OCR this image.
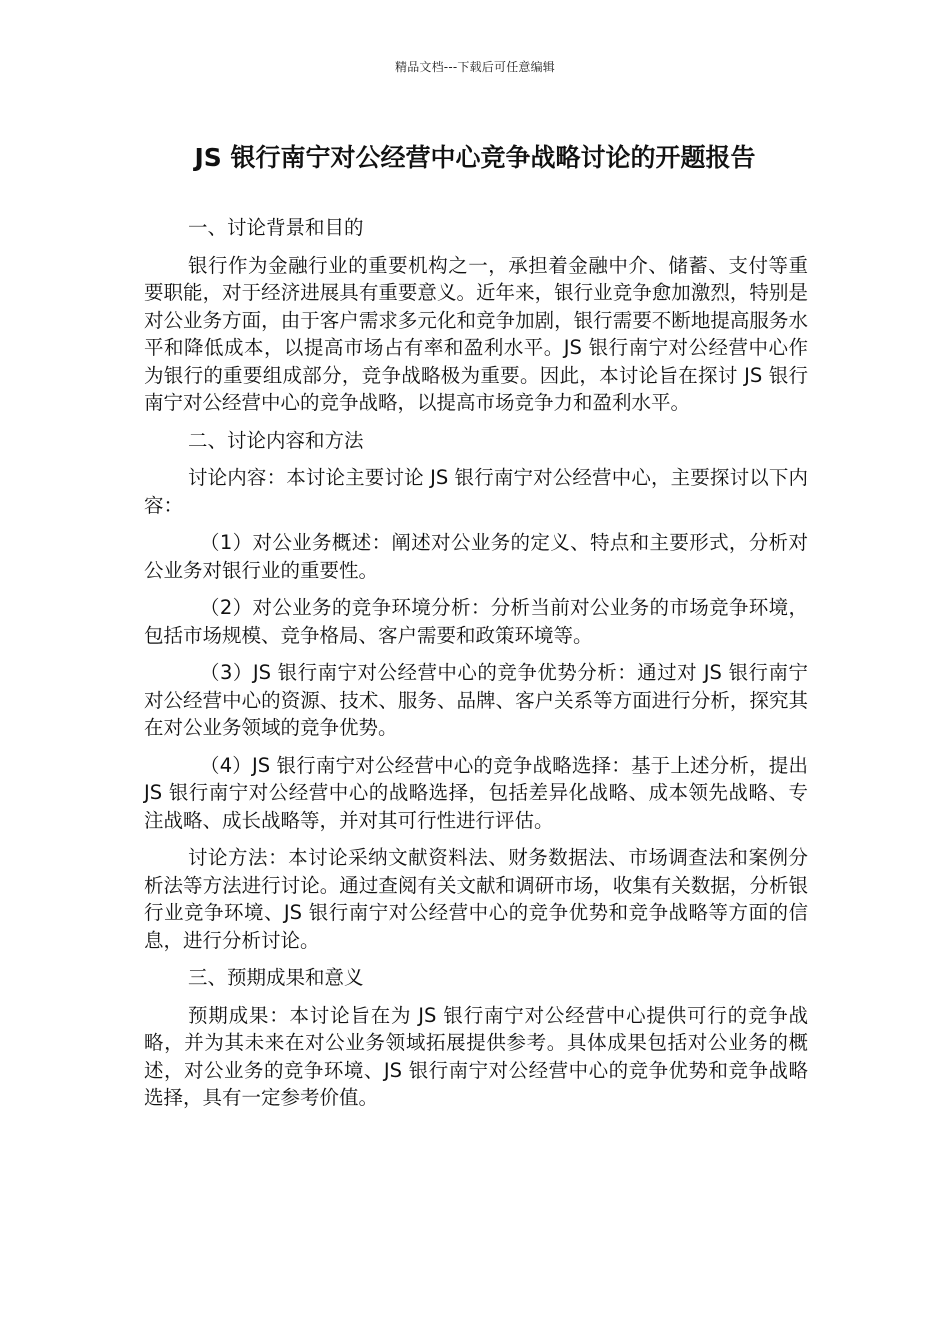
精品文档---下载后可任意编辑
JS 银行南宁对公经营中心竞争战略讨论的开题报告

一、讨论背景和目的

银行作为金融行业的重要机构之一，承担着金融中介、储蓄、支付等重要职能，对于经济进展具有重要意义。近年来，银行业竞争愈加激烈，特别是对公业务方面，由于客户需求多元化和竞争加剧，银行需要不断地提高服务水平和降低成本，以提高市场占有率和盈利水平。JS 银行南宁对公经营中心作为银行的重要组成部分，竞争战略极为重要。因此，本讨论旨在探讨 JS 银行南宁对公经营中心的竞争战略，以提高市场竞争力和盈利水平。

二、讨论内容和方法

讨论内容：本讨论主要讨论 JS 银行南宁对公经营中心，主要探讨以下内容：

（1）对公业务概述：阐述对公业务的定义、特点和主要形式，分析对公业务对银行业的重要性。

（2）对公业务的竞争环境分析：分析当前对公业务的市场竞争环境，包括市场规模、竞争格局、客户需要和政策环境等。

（3）JS 银行南宁对公经营中心的竞争优势分析：通过对 JS 银行南宁对公经营中心的资源、技术、服务、品牌、客户关系等方面进行分析，探究其在对公业务领域的竞争优势。

（4）JS 银行南宁对公经营中心的竞争战略选择：基于上述分析，提出 JS 银行南宁对公经营中心的战略选择，包括差异化战略、成本领先战略、专注战略、成长战略等，并对其可行性进行评估。

讨论方法：本讨论采纳文献资料法、财务数据法、市场调查法和案例分析法等方法进行讨论。通过查阅有关文献和调研市场，收集有关数据，分析银行业竞争环境、JS 银行南宁对公经营中心的竞争优势和竞争战略等方面的信息，进行分析讨论。

三、预期成果和意义

预期成果：本讨论旨在为 JS 银行南宁对公经营中心提供可行的竞争战略，并为其未来在对公业务领域拓展提供参考。具体成果包括对公业务的概述，对公业务的竞争环境、JS 银行南宁对公经营中心的竞争优势和竞争战略选择，具有一定参考价值。
